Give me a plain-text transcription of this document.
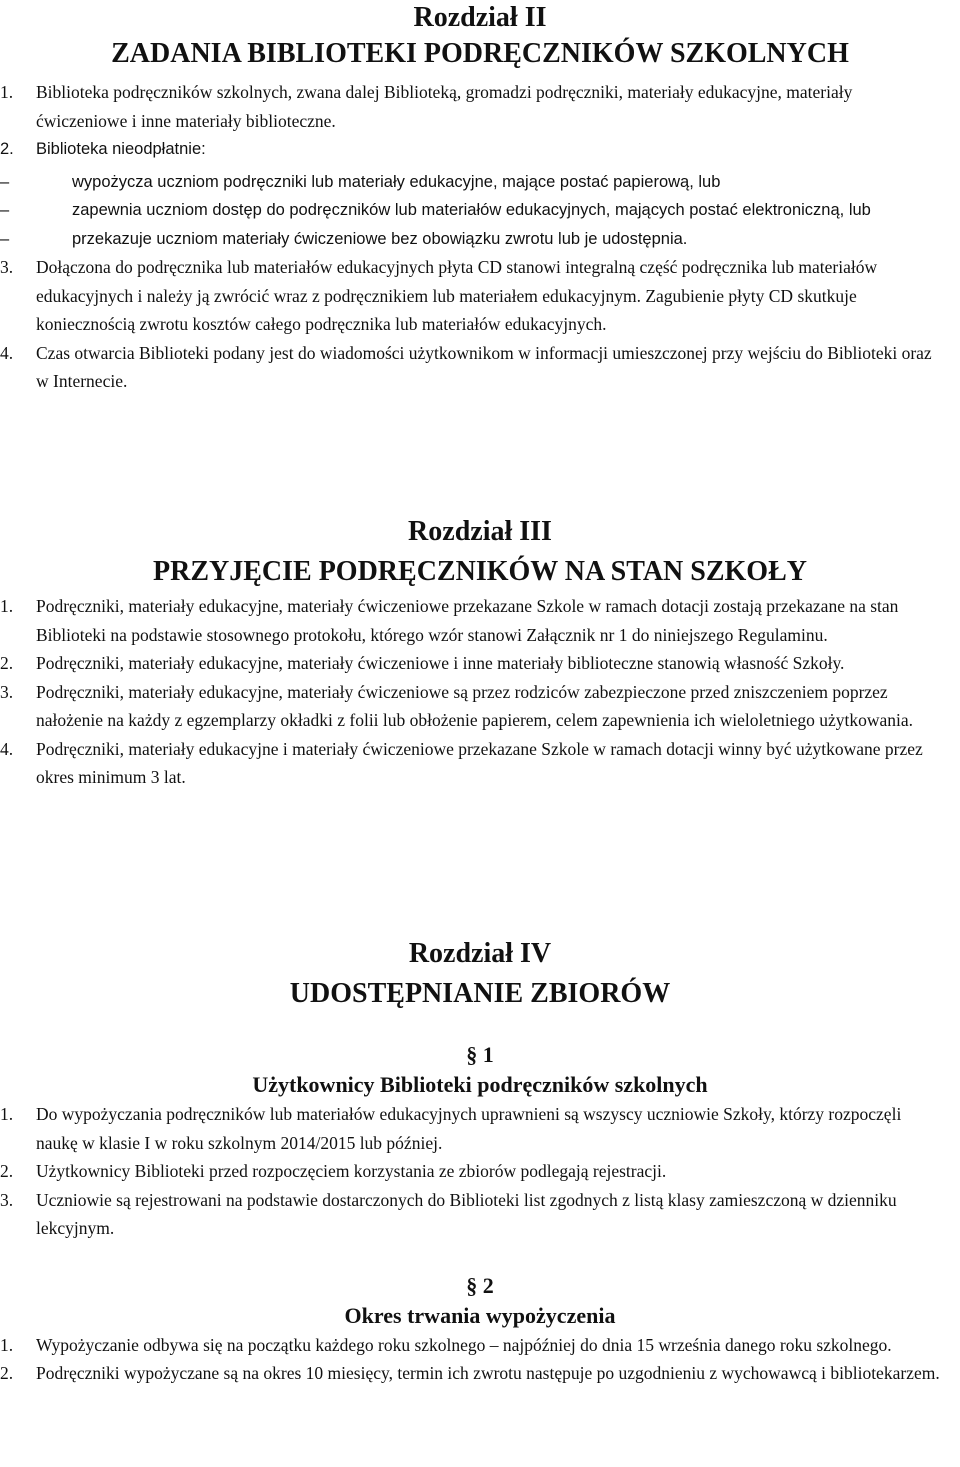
Rozdział II
ZADANIA BIBLIOTEKI PODRĘCZNIKÓW SZKOLNYCH

1. Biblioteka podręczników szkolnych, zwana dalej Biblioteką, gromadzi podręczniki, materiały edukacyjne, materiały ćwiczeniowe i inne materiały biblioteczne.

2. Biblioteka nieodpłatnie:

–	wypożycza uczniom podręczniki lub materiały edukacyjne, mające postać papierową, lub
–	zapewnia uczniom dostęp do podręczników lub materiałów edukacyjnych, mających postać elektroniczną, lub
–	przekazuje uczniom materiały ćwiczeniowe bez obowiązku zwrotu lub je udostępnia.

3. Dołączona do podręcznika lub materiałów edukacyjnych płyta CD stanowi integralną część podręcznika lub materiałów edukacyjnych i należy ją zwrócić wraz z podręcznikiem lub materiałem edukacyjnym. Zagubienie płyty CD skutkuje koniecznością zwrotu kosztów całego podręcznika lub materiałów edukacyjnych.

4. Czas otwarcia Biblioteki podany jest do wiadomości użytkownikom w informacji umieszczonej przy wejściu do Biblioteki oraz w Internecie.

Rozdział III
PRZYJĘCIE PODRĘCZNIKÓW NA STAN SZKOŁY

1. Podręczniki, materiały edukacyjne, materiały ćwiczeniowe przekazane Szkole w ramach dotacji zostają przekazane na stan Biblioteki na podstawie stosownego protokołu, którego wzór stanowi Załącznik nr 1 do niniejszego Regulaminu.

2. Podręczniki, materiały edukacyjne, materiały ćwiczeniowe i inne materiały biblioteczne stanowią własność Szkoły.

3. Podręczniki, materiały edukacyjne, materiały ćwiczeniowe są przez rodziców zabezpieczone przed zniszczeniem poprzez nałożenie na każdy z egzemplarzy okładki z folii lub obłożenie papierem, celem zapewnienia ich wieloletniego użytkowania.

4. Podręczniki, materiały edukacyjne i materiały ćwiczeniowe przekazane Szkole w ramach dotacji winny być użytkowane przez okres minimum 3 lat.

Rozdział IV
UDOSTĘPNIANIE ZBIORÓW

§ 1

Użytkownicy Biblioteki podręczników szkolnych

1. Do wypożyczania podręczników lub materiałów edukacyjnych uprawnieni są wszyscy uczniowie Szkoły, którzy rozpoczęli naukę w klasie I w roku szkolnym 2014/2015 lub później.

2. Użytkownicy Biblioteki przed rozpoczęciem korzystania ze zbiorów podlegają rejestracji.

3. Uczniowie są rejestrowani na podstawie dostarczonych do Biblioteki list zgodnych z listą klasy zamieszczoną w dzienniku lekcyjnym.

§ 2

Okres trwania wypożyczenia

1. Wypożyczanie odbywa się na początku każdego roku szkolnego – najpóźniej do dnia 15 września danego roku szkolnego.

2. Podręczniki wypożyczane są na okres 10 miesięcy, termin ich zwrotu następuje po uzgodnieniu z wychowawcą i bibliotekarzem.
